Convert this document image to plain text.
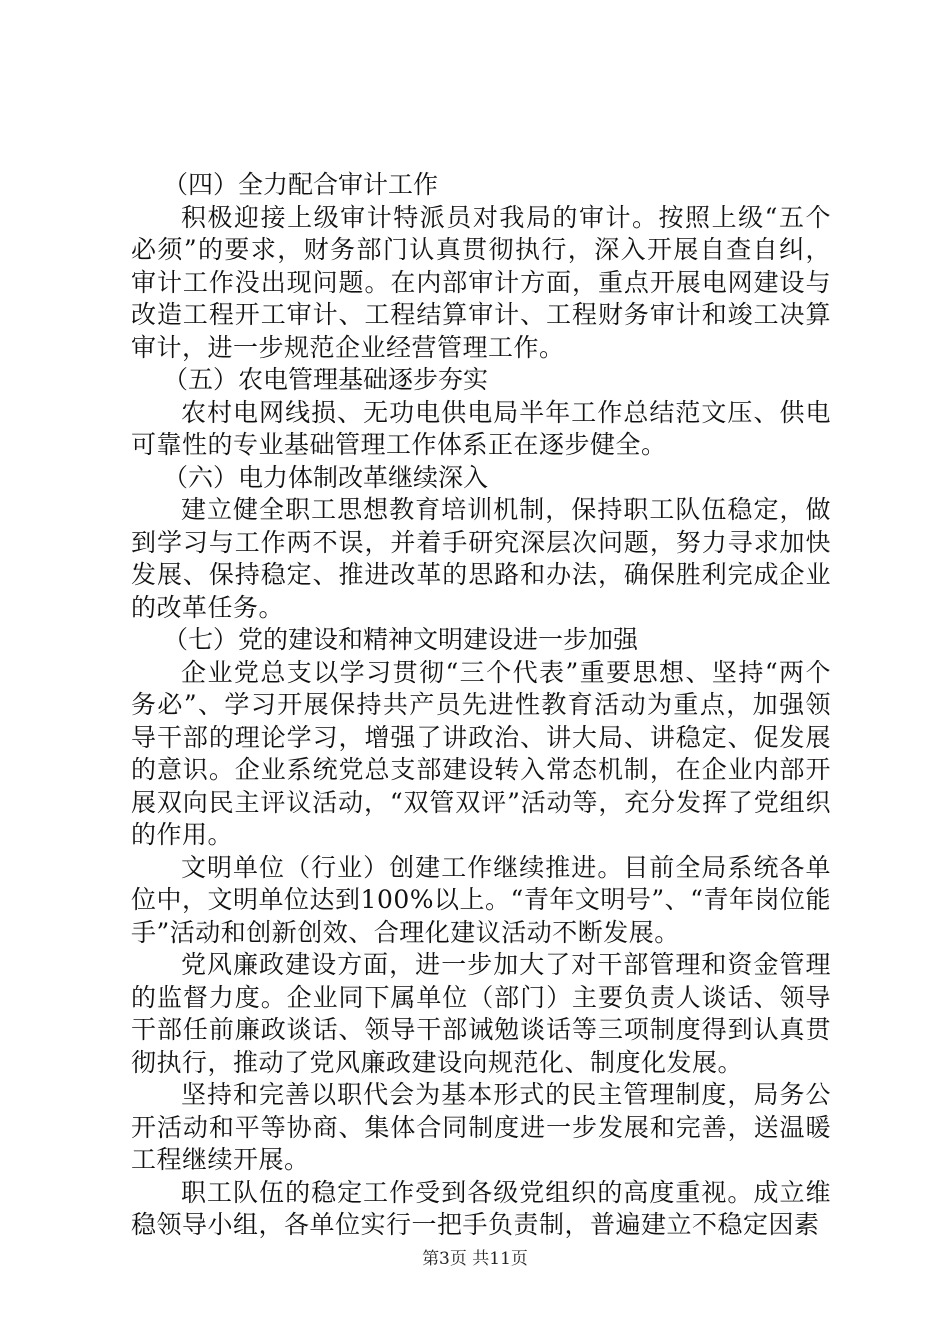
（四）全力配合审计工作

积极迎接上级审计特派员对我局的审计。按照上级“五个必须”的要求，财务部门认真贯彻执行，深入开展自查自纠，审计工作没出现问题。在内部审计方面，重点开展电网建设与改造工程开工审计、工程结算审计、工程财务审计和竣工决算审计，进一步规范企业经营管理工作。

（五）农电管理基础逐步夯实

农村电网线损、无功电供电局半年工作总结范文压、供电可靠性的专业基础管理工作体系正在逐步健全。

（六）电力体制改革继续深入

建立健全职工思想教育培训机制，保持职工队伍稳定，做到学习与工作两不误，并着手研究深层次问题，努力寻求加快发展、保持稳定、推进改革的思路和办法，确保胜利完成企业的改革任务。

（七）党的建设和精神文明建设进一步加强

企业党总支以学习贯彻“三个代表”重要思想、坚持“两个务必”、学习开展保持共产员先进性教育活动为重点，加强领导干部的理论学习，增强了讲政治、讲大局、讲稳定、促发展的意识。企业系统党总支部建设转入常态机制，在企业内部开展双向民主评议活动，“双管双评”活动等，充分发挥了党组织的作用。

文明单位（行业）创建工作继续推进。目前全局系统各单位中，文明单位达到100%以上。“青年文明号”、“青年岗位能手”活动和创新创效、合理化建议活动不断发展。

党风廉政建设方面，进一步加大了对干部管理和资金管理的监督力度。企业同下属单位（部门）主要负责人谈话、领导干部任前廉政谈话、领导干部诫勉谈话等三项制度得到认真贯彻执行，推动了党风廉政建设向规范化、制度化发展。

坚持和完善以职代会为基本形式的民主管理制度，局务公开活动和平等协商、集体合同制度进一步发展和完善，送温暖工程继续开展。

职工队伍的稳定工作受到各级党组织的高度重视。成立维稳领导小组，各单位实行一把手负责制，普遍建立不稳定因素

第3页 共11页
